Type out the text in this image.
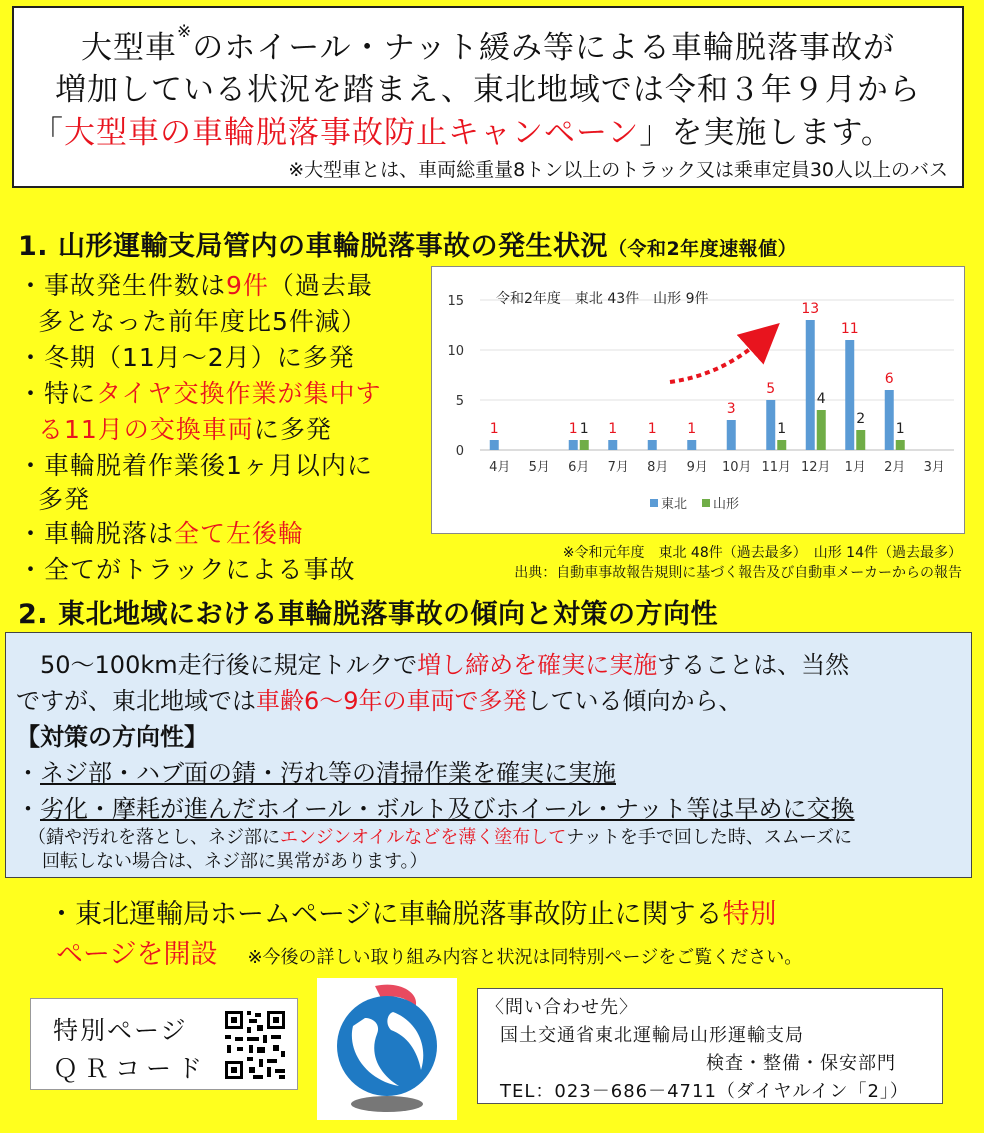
大型車※のホイール・ナット緩み等による車輪脱落事故が
増加している状況を踏まえ、東北地域では令和３年９月から
「大型車の車輪脱落事故防止キャンペーン」を実施します。
※大型車とは、車両総重量8トン以上のトラック又は乗車定員30人以上のバス
1. 山形運輸支局管内の車輪脱落事故の発生状況（令和2年度速報値）
・事故発生件数は9件（過去最
多となった前年度比5件減）
・冬期（11月～2月）に多発
・特にタイヤ交換作業が集中す
る11月の交換車両に多発
・車輪脱着作業後1ヶ月以内に
多発
・車輪脱落は全て左後輪
・全てがトラックによる事故
0
5
10
15
1
4月 5月
1 1
6月
1
7月
1
8月
1
9月
3
10月
5
1
11月
13
4
12月
11
2
1月
6
1
2月 3月
令和2年度　東北 43件　山形 9件
東北 山形
※令和元年度　東北 48件（過去最多）　山形 14件（過去最多）
出典：自動車事故報告規則に基づく報告及び自動車メーカーからの報告
2. 東北地域における車輪脱落事故の傾向と対策の方向性
　50～100km走行後に規定トルクで増し締めを確実に実施することは、当然
ですが、東北地域では車齢6～9年の車両で多発している傾向から、
【対策の方向性】
・ネジ部・ハブ面の錆・汚れ等の清掃作業を確実に実施
・劣化・摩耗が進んだホイール・ボルト及びホイール・ナット等は早めに交換
（錆や汚れを落とし、ネジ部にエンジンオイルなどを薄く塗布してナットを手で回した時、スムーズに
回転しない場合は、ネジ部に異常があります。）
・東北運輸局ホームページに車輪脱落事故防止に関する特別
ページを開設 ※今後の詳しい取り組み内容と状況は同特別ページをご覧ください。
特別ページ
ＱＲコード
〈問い合わせ先〉
国土交通省東北運輸局山形運輸支局
検査・整備・保安部門
TEL：023－686－4711（ダイヤルイン「2」）
